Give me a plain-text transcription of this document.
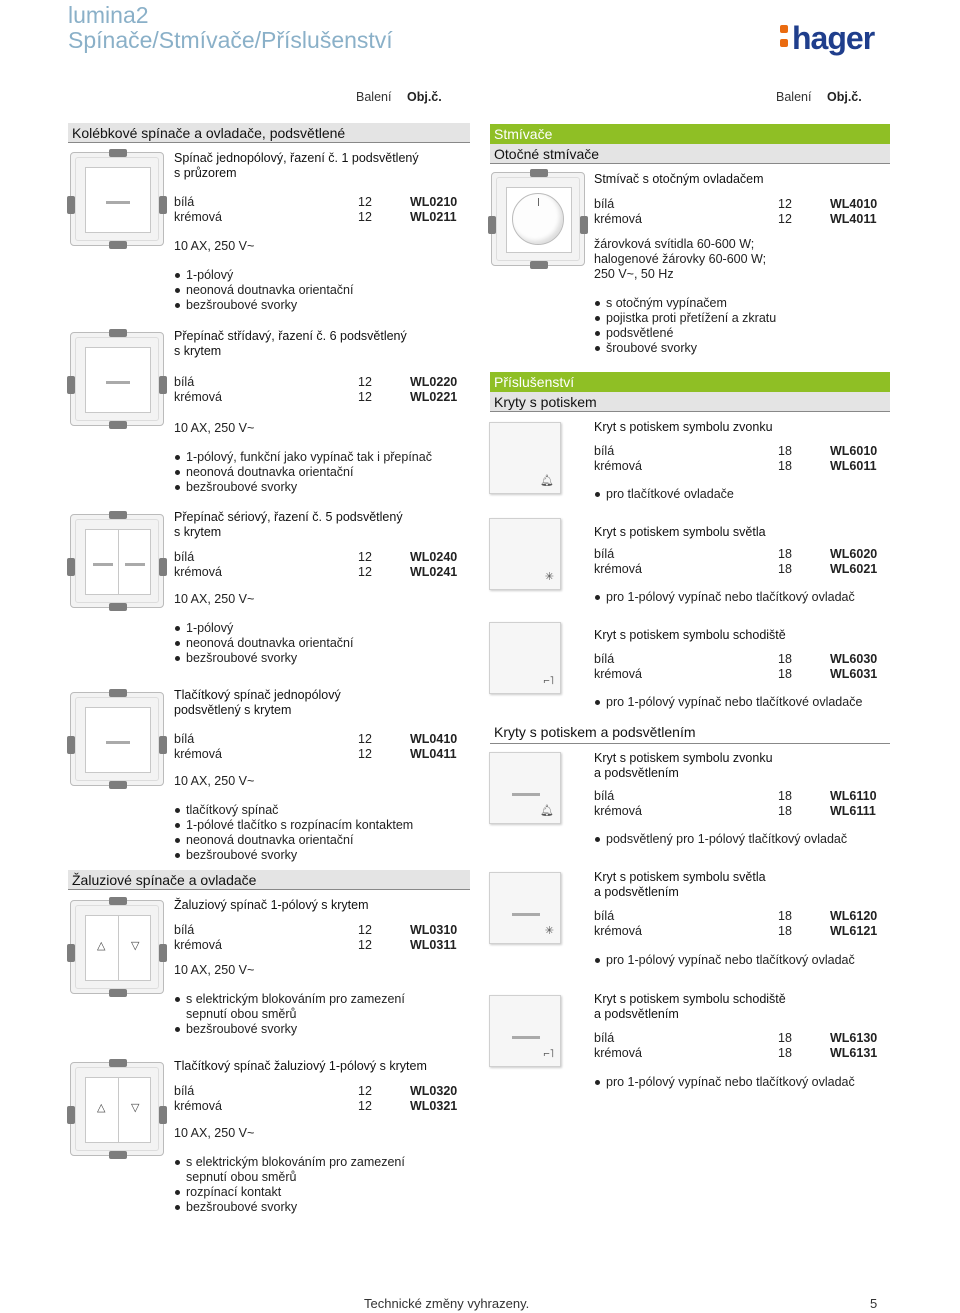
lumina2
Spínače/Stmívače/Příslušenství	hager
Balení Obj.č.	Balení Obj.č.
Kolébkové spínače a ovladače, podsvětlené
Spínač jednopólový, řazení č. 1 podsvětlený
s průzorem
bílá	12	WL0210
krémová	12	WL0211
10 AX, 250 V~
1-pólový
neonová doutnavka orientační
bezšroubové svorky
Přepínač střídavý, řazení č. 6 podsvětlený
s krytem
bílá	12	WL0220
krémová	12	WL0221
10 AX, 250 V~
1-pólový, funkční jako vypínač tak i přepínač
neonová doutnavka orientační
bezšroubové svorky
Přepínač sériový, řazení č. 5 podsvětlený
s krytem
bílá	12	WL0240
krémová	12	WL0241
10 AX, 250 V~
1-pólový
neonová doutnavka orientační
bezšroubové svorky
Tlačítkový spínač jednopólový
podsvětlený s krytem
bílá	12	WL0410
krémová	12	WL0411
10 AX, 250 V~
tlačítkový spínač
1-pólové tlačítko s rozpínacím kontaktem
neonová doutnavka orientační
bezšroubové svorky
Žaluziové spínače a ovladače
△ ▽
Žaluziový spínač 1-pólový s krytem
bílá	12	WL0310
krémová	12	WL0311
10 AX, 250 V~
s elektrickým blokováním pro zamezení
sepnutí obou směrů
bezšroubové svorky
△ ▽
Tlačítkový spínač žaluziový 1-pólový s krytem
bílá	12	WL0320
krémová	12	WL0321
10 AX, 250 V~
s elektrickým blokováním pro zamezení
sepnutí obou směrů
rozpínací kontakt
bezšroubové svorky
Stmívače
Otočné stmívače
Stmívač s otočným ovladačem
bílá	12	WL4010
krémová	12	WL4011
žárovková svítidla 60-600 W;
halogenové žárovky 60-600 W;
250 V~, 50 Hz
s otočným vypínačem
pojistka proti přetížení a zkratu
podsvětlené
šroubové svorky
Příslušenství
Kryty s potiskem
🔔︎
Kryt s potiskem symbolu zvonku
bílá	18	WL6010
krémová	18	WL6011
pro tlačítkové ovladače
✳
Kryt s potiskem symbolu světla
bílá	18	WL6020
krémová	18	WL6021
pro 1-pólový vypínač nebo tlačítkový ovladač
⌐˥
Kryt s potiskem symbolu schodiště
bílá	18	WL6030
krémová	18	WL6031
pro 1-pólový vypínač nebo tlačítkové ovladače
Kryty s potiskem a podsvětlením
🔔︎
Kryt s potiskem symbolu zvonku
a podsvětlením
bílá	18	WL6110
krémová	18	WL6111
podsvětlený pro 1-pólový tlačítkový ovladač
✳
Kryt s potiskem symbolu světla
a podsvětlením
bílá	18	WL6120
krémová	18	WL6121
pro 1-pólový vypínač nebo tlačítkový ovladač
⌐˥
Kryt s potiskem symbolu schodiště
a podsvětlením
bílá	18	WL6130
krémová	18	WL6131
pro 1-pólový vypínač nebo tlačítkový ovladač
Technické změny vyhrazeny.	5
